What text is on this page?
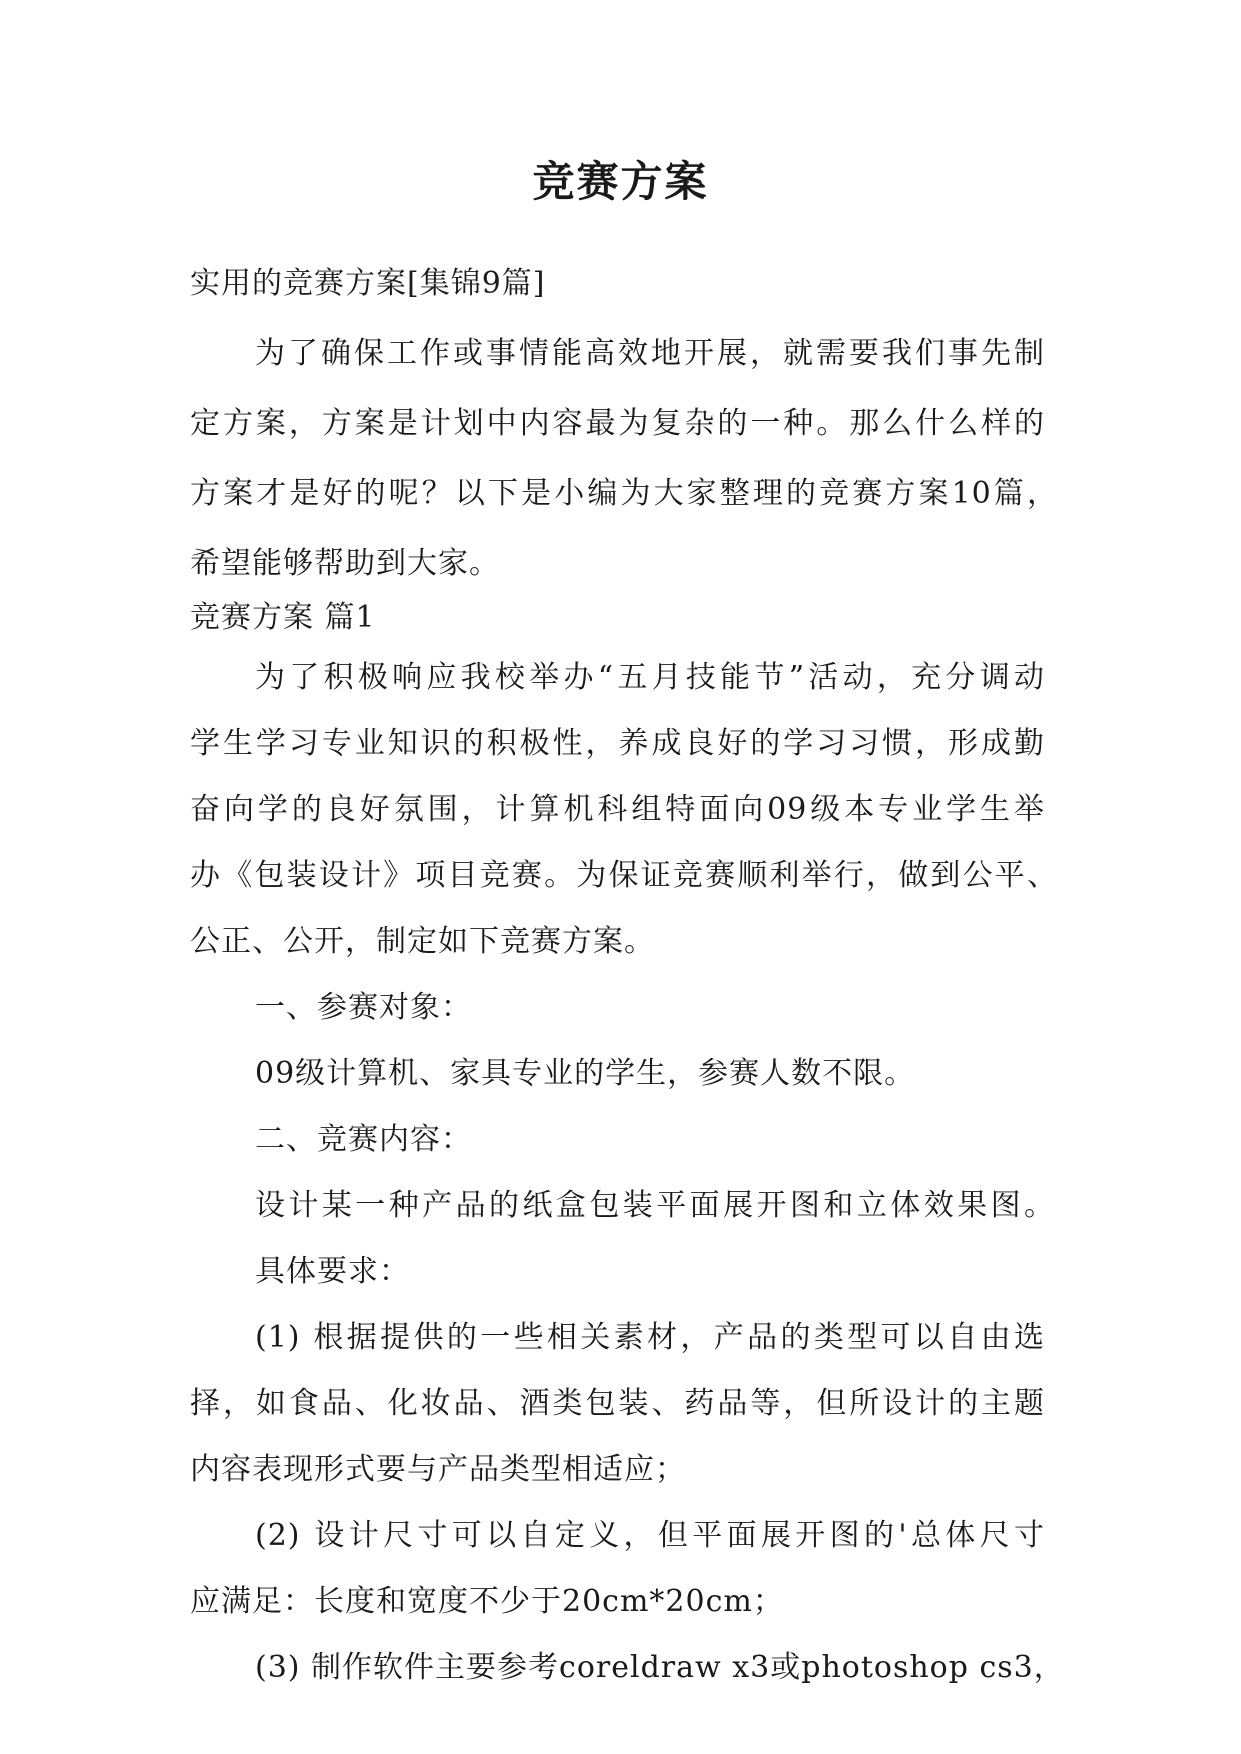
竞赛方案
实用的竞赛方案[集锦9篇]
为了确保工作或事情能高效地开展，就需要我们事先制
定方案，方案是计划中内容最为复杂的一种。那么什么样的
方案才是好的呢？以下是小编为大家整理的竞赛方案10篇，
希望能够帮助到大家。
竞赛方案 篇1
为了积极响应我校举办“五月技能节”活动，充分调动
学生学习专业知识的积极性，养成良好的学习习惯，形成勤
奋向学的良好氛围，计算机科组特面向09级本专业学生举
办《包装设计》项目竞赛。为保证竞赛顺利举行，做到公平、
公正、公开，制定如下竞赛方案。
一、参赛对象：
09级计算机、家具专业的学生，参赛人数不限。
二、竞赛内容：
设计某一种产品的纸盒包装平面展开图和立体效果图。
具体要求：
(1) 根据提供的一些相关素材，产品的类型可以自由选
择，如食品、化妆品、酒类包装、药品等，但所设计的主题
内容表现形式要与产品类型相适应；
(2) 设计尺寸可以自定义，但平面展开图的'总体尺寸
应满足：长度和宽度不少于20cm*20cm；
(3) 制作软件主要参考coreldraw x3或photoshop cs3，
